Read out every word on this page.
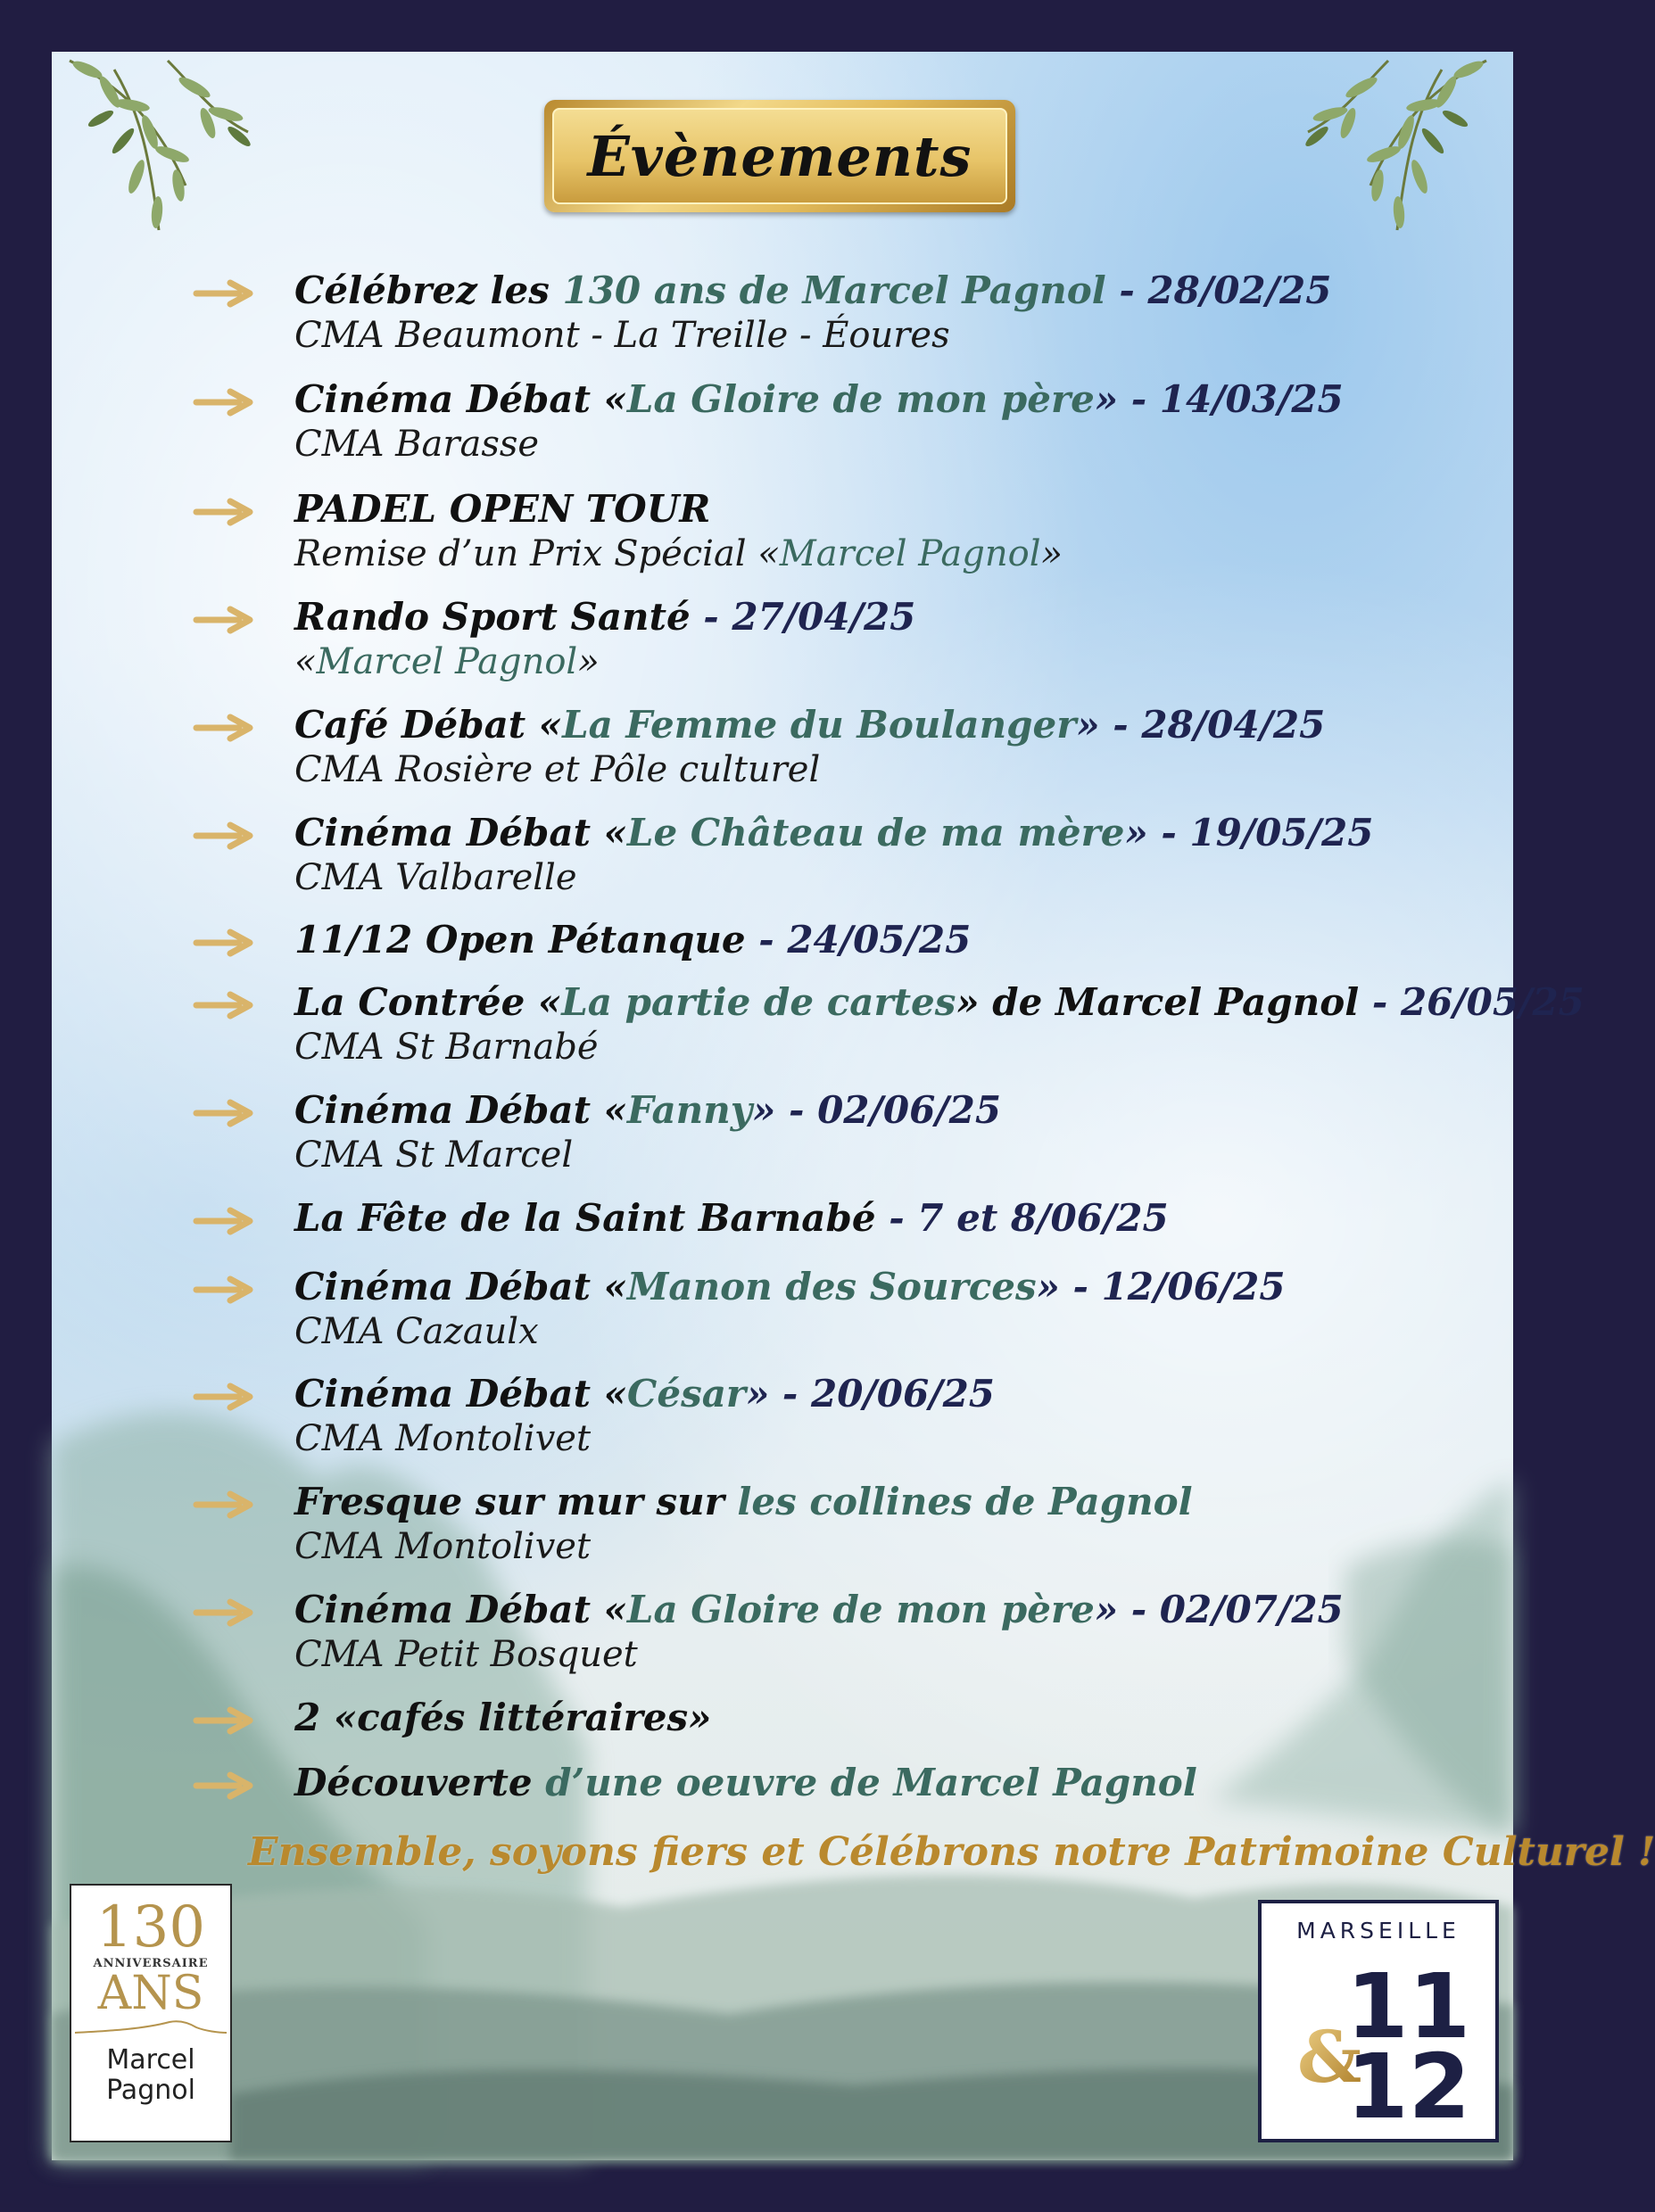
Évènements
Célébrez les 130 ans de Marcel Pagnol - 28/02/25
CMA Beaumont - La Treille - Éoures
Cinéma Débat «La Gloire de mon père» - 14/03/25
CMA Barasse
PADEL OPEN TOUR
Remise d’un Prix Spécial «Marcel Pagnol»
Rando Sport Santé - 27/04/25
«Marcel Pagnol»
Café Débat «La Femme du Boulanger» - 28/04/25
CMA Rosière et Pôle culturel
Cinéma Débat «Le Château de ma mère» - 19/05/25
CMA Valbarelle
11/12 Open Pétanque - 24/05/25
La Contrée «La partie de cartes» de Marcel Pagnol - 26/05/25
CMA St Barnabé
Cinéma Débat «Fanny» - 02/06/25
CMA St Marcel
La Fête de la Saint Barnabé - 7 et 8/06/25
Cinéma Débat «Manon des Sources» - 12/06/25
CMA Cazaulx
Cinéma Débat «César» - 20/06/25
CMA Montolivet
Fresque sur mur sur les collines de Pagnol
CMA Montolivet
Cinéma Débat «La Gloire de mon père» - 02/07/25
CMA Petit Bosquet
2 «cafés littéraires»
Découverte d’une oeuvre de Marcel Pagnol
Ensemble, soyons fiers et Célébrons notre Patrimoine Culturel !
130
ANNIVERSAIRE
ANS
Marcel
Pagnol
MARSEILLE
11
12
&
